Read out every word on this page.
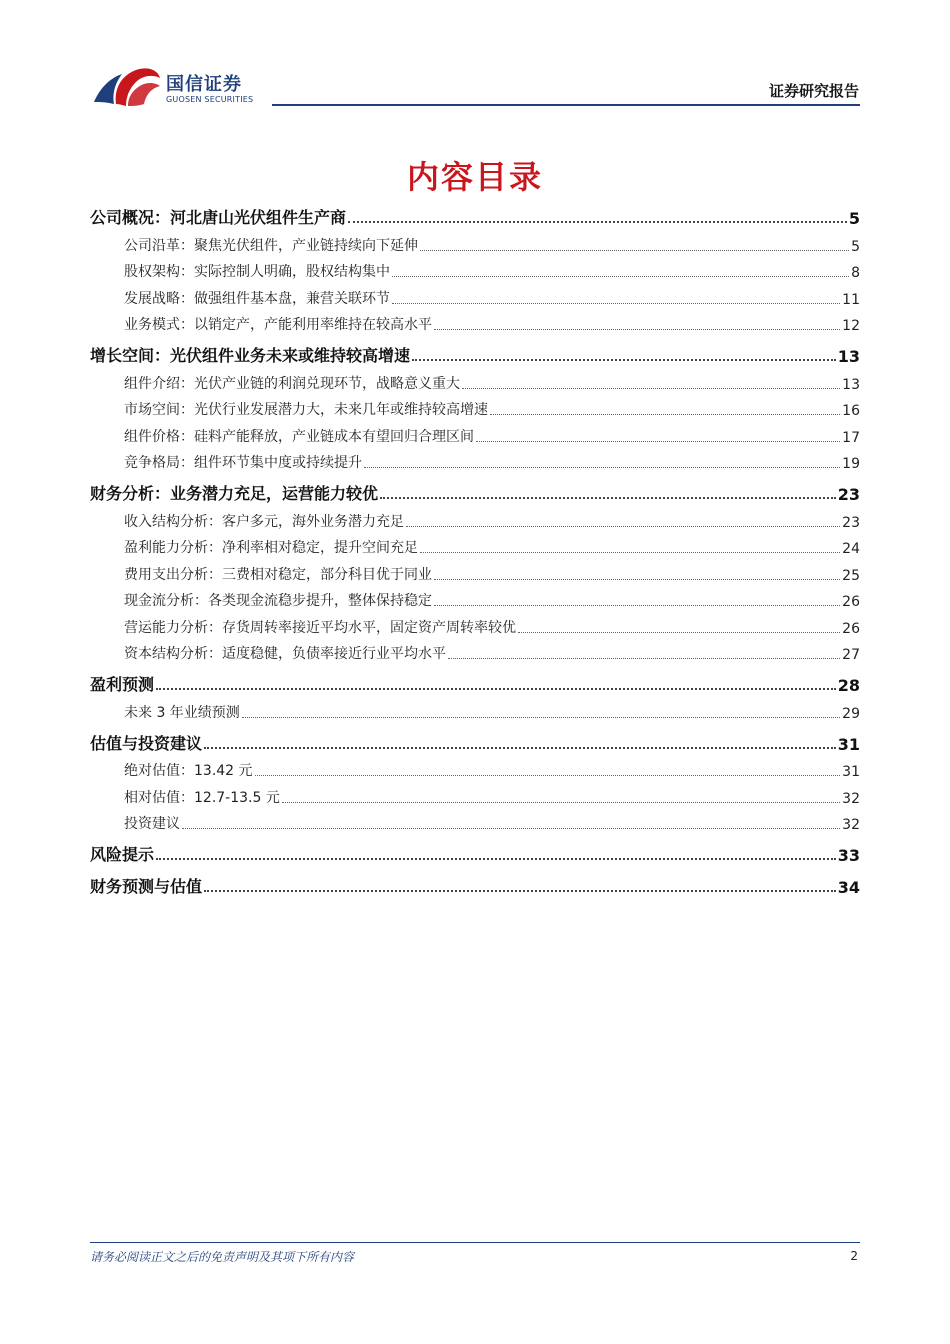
国信证券
GUOSEN SECURITIES	证券研究报告
内容目录
公司概况：河北唐山光伏组件生产商	5
公司沿革：聚焦光伏组件，产业链持续向下延伸	5
股权架构：实际控制人明确，股权结构集中	8
发展战略：做强组件基本盘，兼营关联环节	11
业务模式：以销定产，产能利用率维持在较高水平	12
增长空间：光伏组件业务未来或维持较高增速	13
组件介绍：光伏产业链的利润兑现环节，战略意义重大	13
市场空间：光伏行业发展潜力大，未来几年或维持较高增速	16
组件价格：硅料产能释放，产业链成本有望回归合理区间	17
竞争格局：组件环节集中度或持续提升	19
财务分析：业务潜力充足，运营能力较优	23
收入结构分析：客户多元，海外业务潜力充足	23
盈利能力分析：净利率相对稳定，提升空间充足	24
费用支出分析：三费相对稳定，部分科目优于同业	25
现金流分析：各类现金流稳步提升，整体保持稳定	26
营运能力分析：存货周转率接近平均水平，固定资产周转率较优	26
资本结构分析：适度稳健，负债率接近行业平均水平	27
盈利预测	28
未来 3 年业绩预测	29
估值与投资建议	31
绝对估值：13.42 元	31
相对估值：12.7-13.5 元	32
投资建议	32
风险提示	33
财务预测与估值	34
请务必阅读正文之后的免责声明及其项下所有内容	2
